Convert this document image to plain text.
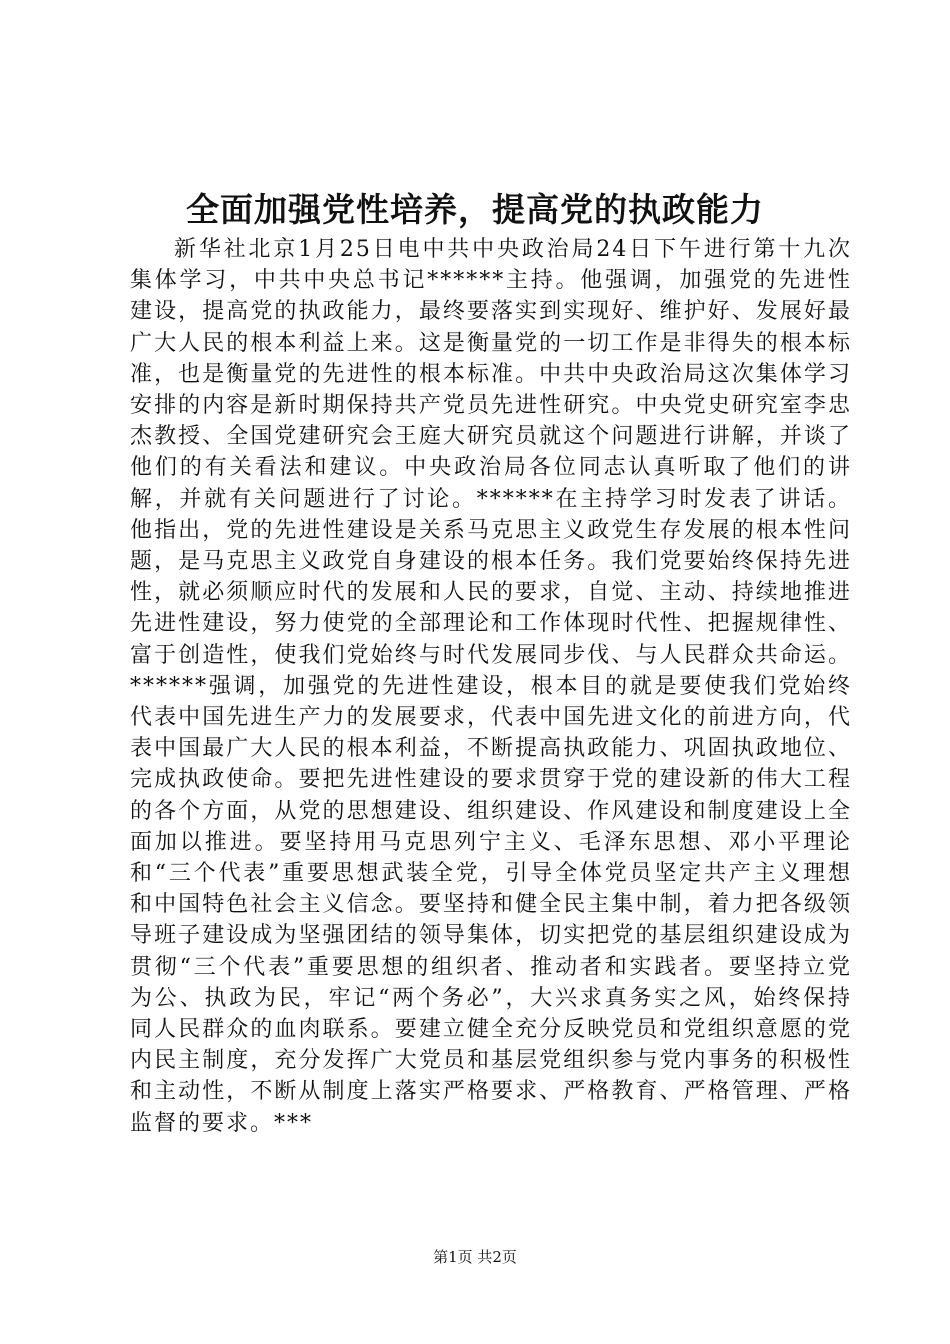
全面加强党性培养，提高党的执政能力

新华社北京1月25日电中共中央政治局24日下午进行第十九次集体学习，中共中央总书记******主持。他强调，加强党的先进性建设，提高党的执政能力，最终要落实到实现好、维护好、发展好最广大人民的根本利益上来。这是衡量党的一切工作是非得失的根本标准，也是衡量党的先进性的根本标准。中共中央政治局这次集体学习安排的内容是新时期保持共产党员先进性研究。中央党史研究室李忠杰教授、全国党建研究会王庭大研究员就这个问题进行讲解，并谈了他们的有关看法和建议。中央政治局各位同志认真听取了他们的讲解，并就有关问题进行了讨论。******在主持学习时发表了讲话。他指出，党的先进性建设是关系马克思主义政党生存发展的根本性问题，是马克思主义政党自身建设的根本任务。我们党要始终保持先进性，就必须顺应时代的发展和人民的要求，自觉、主动、持续地推进先进性建设，努力使党的全部理论和工作体现时代性、把握规律性、富于创造性，使我们党始终与时代发展同步伐、与人民群众共命运。******强调，加强党的先进性建设，根本目的就是要使我们党始终代表中国先进生产力的发展要求，代表中国先进文化的前进方向，代表中国最广大人民的根本利益，不断提高执政能力、巩固执政地位、完成执政使命。要把先进性建设的要求贯穿于党的建设新的伟大工程的各个方面，从党的思想建设、组织建设、作风建设和制度建设上全面加以推进。要坚持用马克思列宁主义、毛泽东思想、邓小平理论和“三个代表”重要思想武装全党，引导全体党员坚定共产主义理想和中国特色社会主义信念。要坚持和健全民主集中制，着力把各级领导班子建设成为坚强团结的领导集体，切实把党的基层组织建设成为贯彻“三个代表”重要思想的组织者、推动者和实践者。要坚持立党为公、执政为民，牢记“两个务必”，大兴求真务实之风，始终保持同人民群众的血肉联系。要建立健全充分反映党员和党组织意愿的党内民主制度，充分发挥广大党员和基层党组织参与党内事务的积极性和主动性，不断从制度上落实严格要求、严格教育、严格管理、严格监督的要求。***

第1页 共2页
